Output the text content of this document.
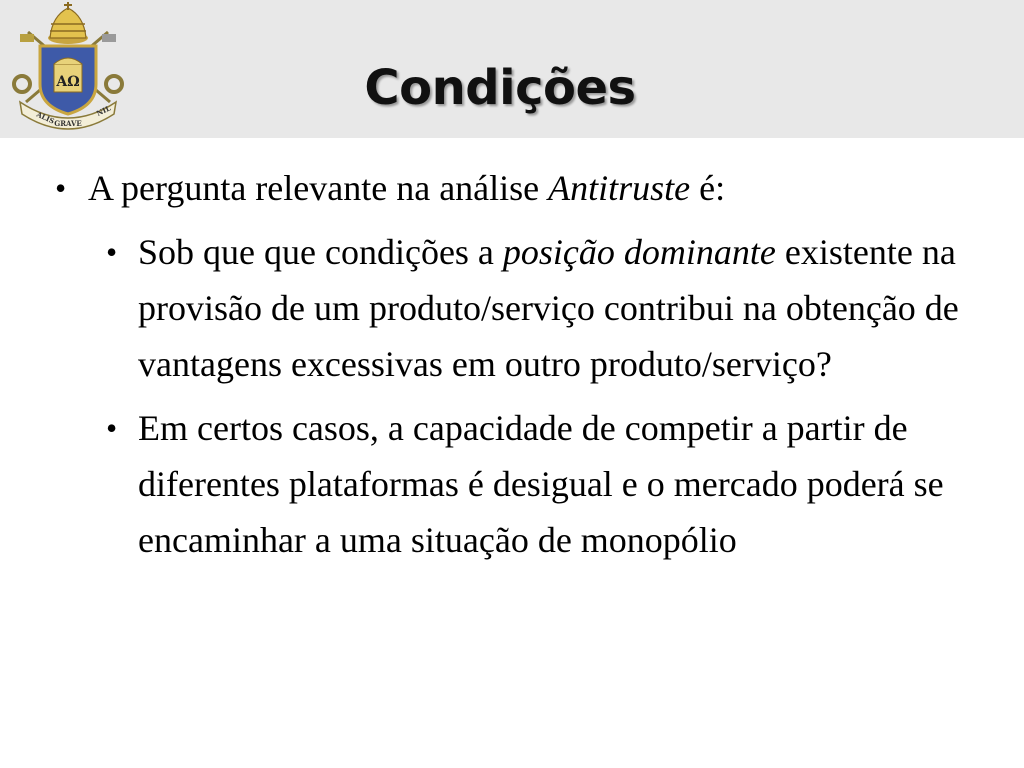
ΑΩ
ALIS
GRAVE
NIL	Condições
• A pergunta relevante na análise Antitruste é:
• Sob que que condições a posição dominante existente na provisão de um produto/serviço contribui na obtenção de vantagens excessivas em outro produto/serviço?
• Em certos casos, a capacidade de competir a partir de diferentes plataformas é desigual e o mercado poderá se encaminhar a uma situação de monopólio
